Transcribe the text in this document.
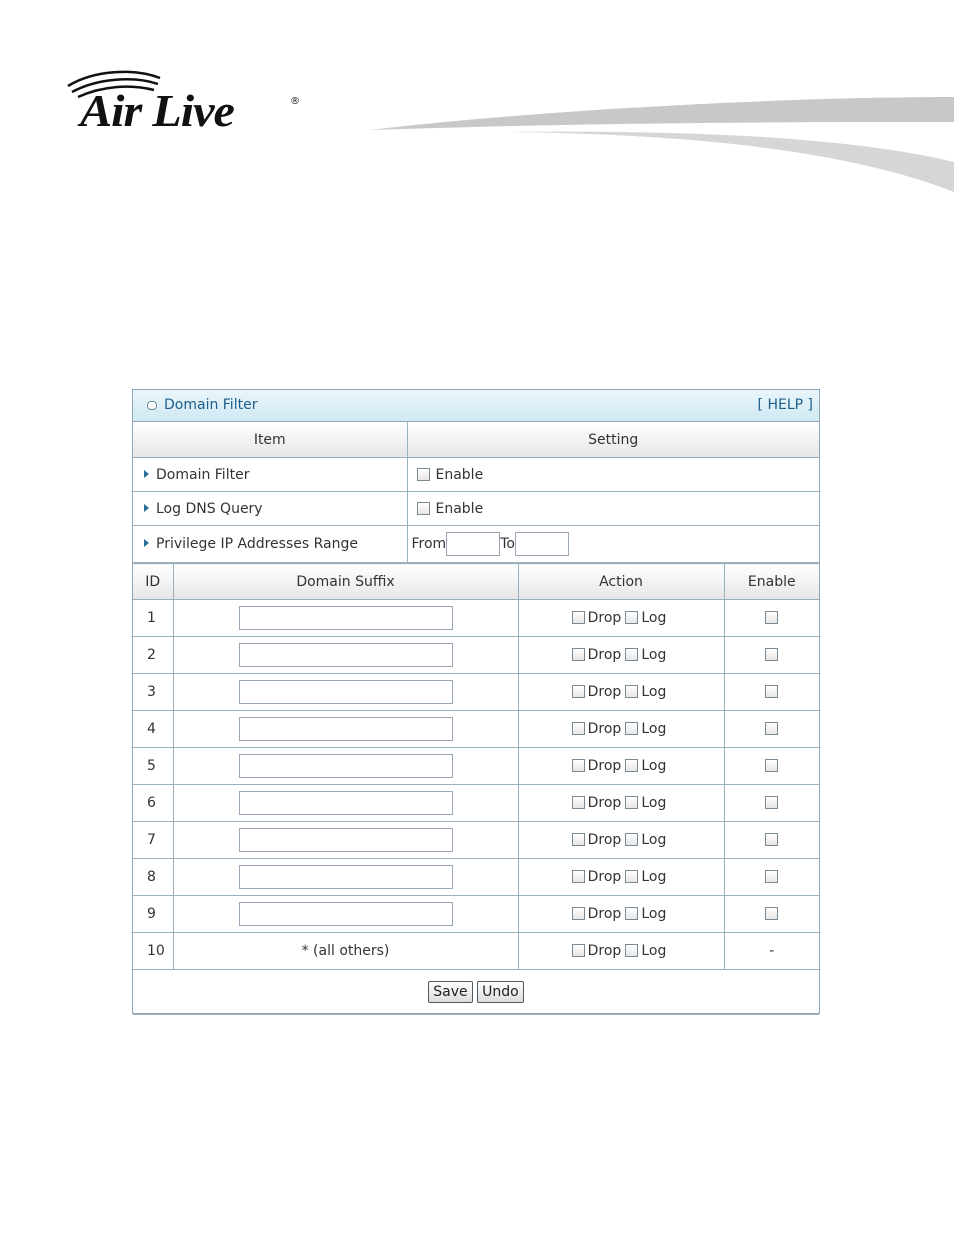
Air Live	®
Domain Filter	[ HELP ]
Item	Setting
Domain Filter	Enable
Log DNS Query	Enable
Privilege IP Addresses Range	From To
ID	Domain Suffix	Action	Enable
1		Drop Log	
2		Drop Log	
3		Drop Log	
4		Drop Log	
5		Drop Log	
6		Drop Log	
7		Drop Log	
8		Drop Log	
9		Drop Log	
10	* (all others)	Drop Log	-
Save Undo			
